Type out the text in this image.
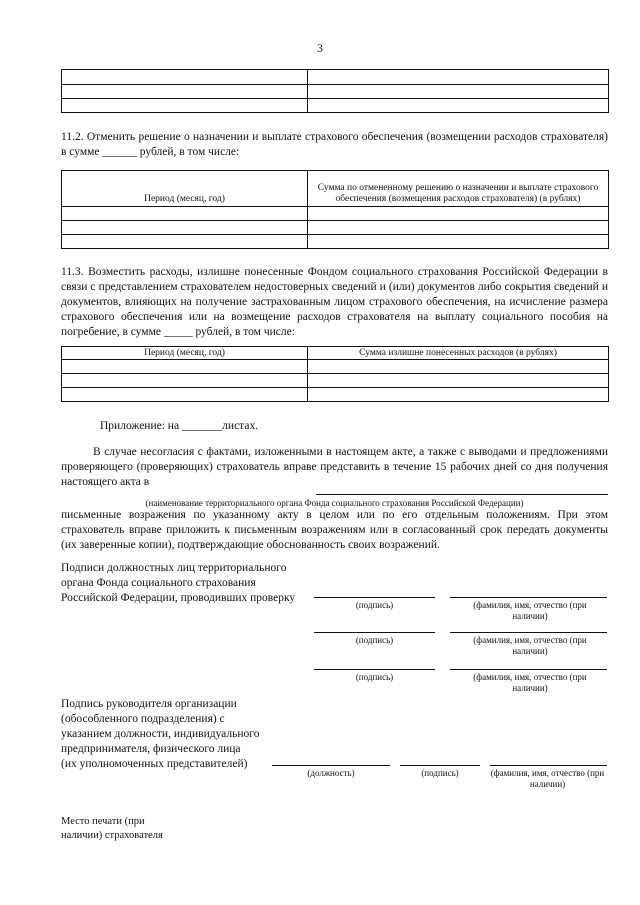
3

11.2. Отменить решение о назначении и выплате страхового обеспечения (возмещении расходов страхователя) в сумме ______ рублей, в том числе:
Период (месяц, год)	Сумма по отмененному решению о назначении и выплате страхового обеспечения (возмещения расходов страхователя) (в рублях)

11.3. Возместить расходы, излишне понесенные Фондом социального страхования Российской Федерации в связи с представлением страхователем недостоверных сведений и (или) документов либо сокрытия сведений и документов, влияющих на получение застрахованным лицом страхового обеспечения, на исчисление размера страхового обеспечения или на возмещение расходов страхователя на выплату социального пособия на погребение, в сумме _____ рублей, в том числе:
Период (месяц, год)	Сумма излишне понесенных расходов (в рублях)

Приложение: на _______листах.
В случае несогласия с фактами, изложенными в настоящем акте, а также с выводами и предложениями проверяющего (проверяющих) страхователь вправе представить в течение 15 рабочих дней со дня получения настоящего акта в
(наименование территориального органа Фонда социального страхования Российской Федерации)
письменные возражения по указанному акту в целом или по его отдельным положениям. При этом страхователь вправе приложить к письменным возражениям или в согласованный срок передать документы (их заверенные копии), подтверждающие обоснованность своих возражений.
Подписи должностных лиц территориального
органа Фонда социального страхования
Российской Федерации, проводивших проверку
(подпись)	(фамилия, имя, отчество (при наличии)
(подпись)	(фамилия, имя, отчество (при наличии)
(подпись)	(фамилия, имя, отчество (при наличии)
Подпись руководителя организации
(обособленного подразделения) с
указанием должности, индивидуального
предпринимателя, физического лица
(их уполномоченных представителей)
(должность)	(подпись)	(фамилия, имя, отчество (при наличии)
Место печати (при
наличии) страхователя
